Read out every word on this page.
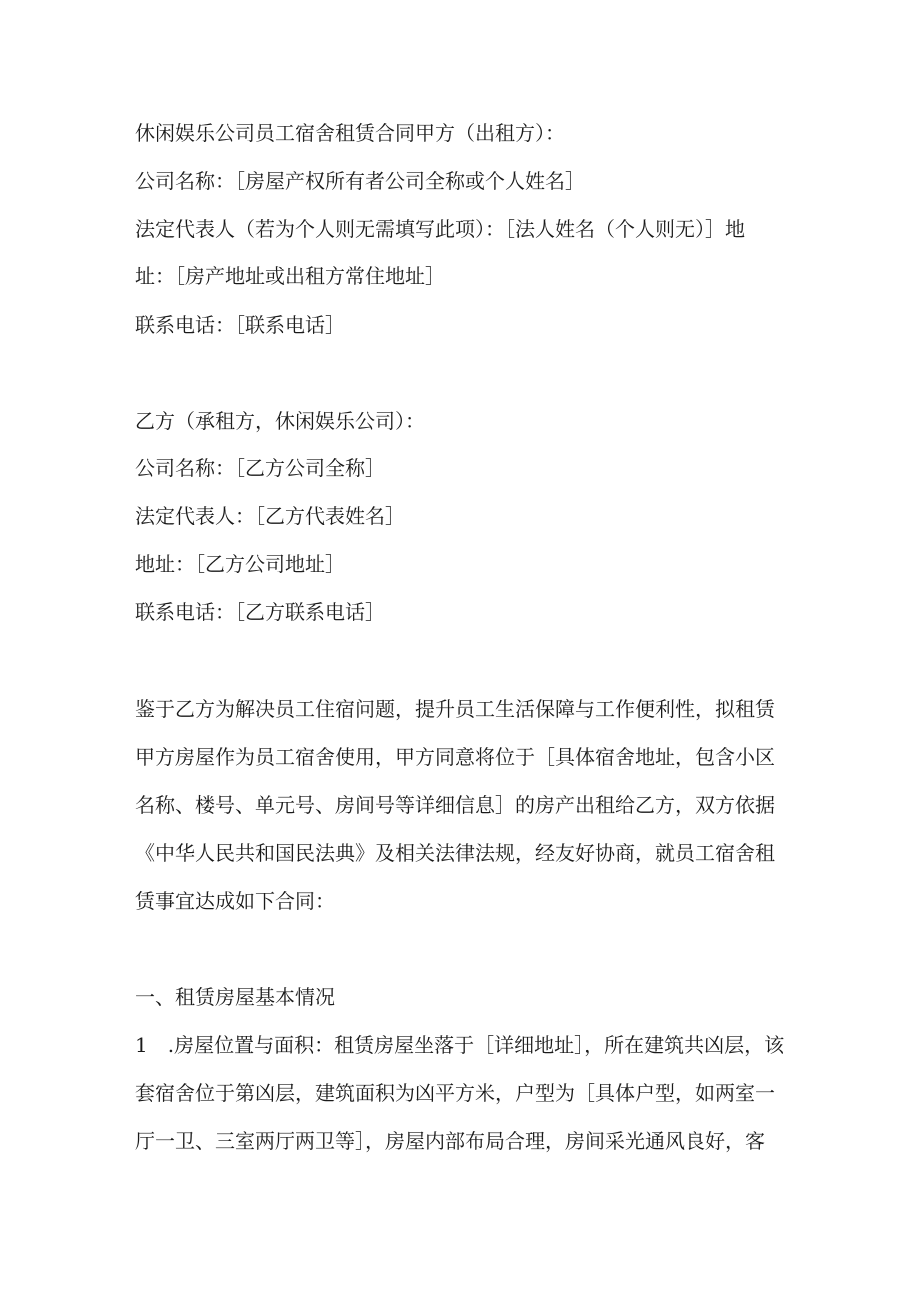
休闲娱乐公司员工宿舍租赁合同甲方（出租方）：
公司名称：［房屋产权所有者公司全称或个人姓名］
法定代表人（若为个人则无需填写此项）：［法人姓名（个人则无）］地
址：［房产地址或出租方常住地址］
联系电话：［联系电话］
乙方（承租方，休闲娱乐公司）：
公司名称：［乙方公司全称］
法定代表人：［乙方代表姓名］
地址：［乙方公司地址］
联系电话：［乙方联系电话］
鉴于乙方为解决员工住宿问题，提升员工生活保障与工作便利性，拟租赁
甲方房屋作为员工宿舍使用，甲方同意将位于［具体宿舍地址，包含小区
名称、楼号、单元号、房间号等详细信息］的房产出租给乙方，双方依据
《中华人民共和国民法典》及相关法律法规，经友好协商，就员工宿舍租
赁事宜达成如下合同：
一、租赁房屋基本情况
1　.房屋位置与面积：租赁房屋坐落于［详细地址］，所在建筑共凶层，该
套宿舍位于第凶层，建筑面积为凶平方米，户型为［具体户型，如两室一
厅一卫、三室两厅两卫等］，房屋内部布局合理，房间采光通风良好，客
